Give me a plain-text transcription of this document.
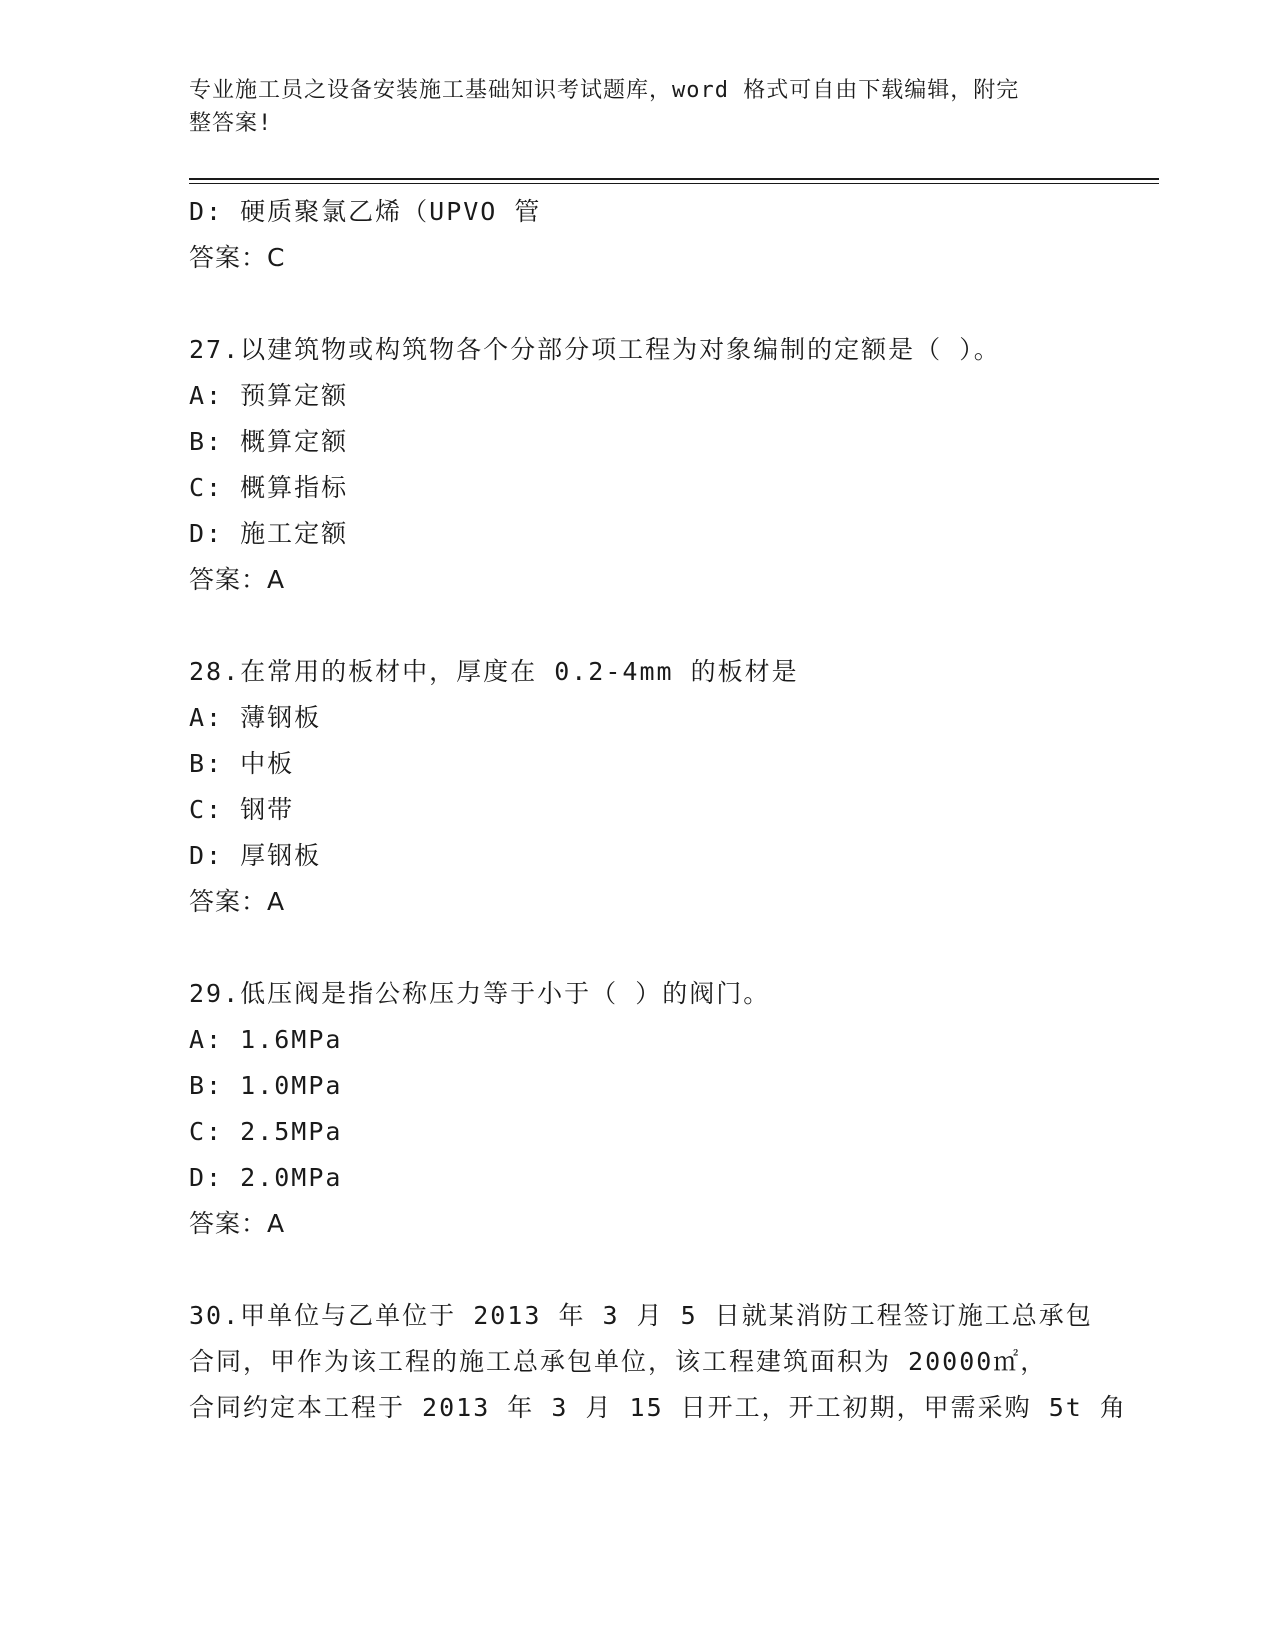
专业施工员之设备安装施工基础知识考试题库，word 格式可自由下载编辑，附完
整答案!
D: 硬质聚氯乙烯（UPVO 管
答案：C
27.以建筑物或构筑物各个分部分项工程为对象编制的定额是（ ）。
A: 预算定额
B: 概算定额
C: 概算指标
D: 施工定额
答案：A
28.在常用的板材中，厚度在 0.2-4mm 的板材是
A: 薄钢板
B: 中板
C: 钢带
D: 厚钢板
答案：A
29.低压阀是指公称压力等于小于（ ）的阀门。
A: 1.6MPa
B: 1.0MPa
C: 2.5MPa
D: 2.0MPa
答案：A
30.甲单位与乙单位于 2013 年 3 月 5 日就某消防工程签订施工总承包
合同，甲作为该工程的施工总承包单位，该工程建筑面积为 20000㎡，
合同约定本工程于 2013 年 3 月 15 日开工，开工初期，甲需采购 5t 角
